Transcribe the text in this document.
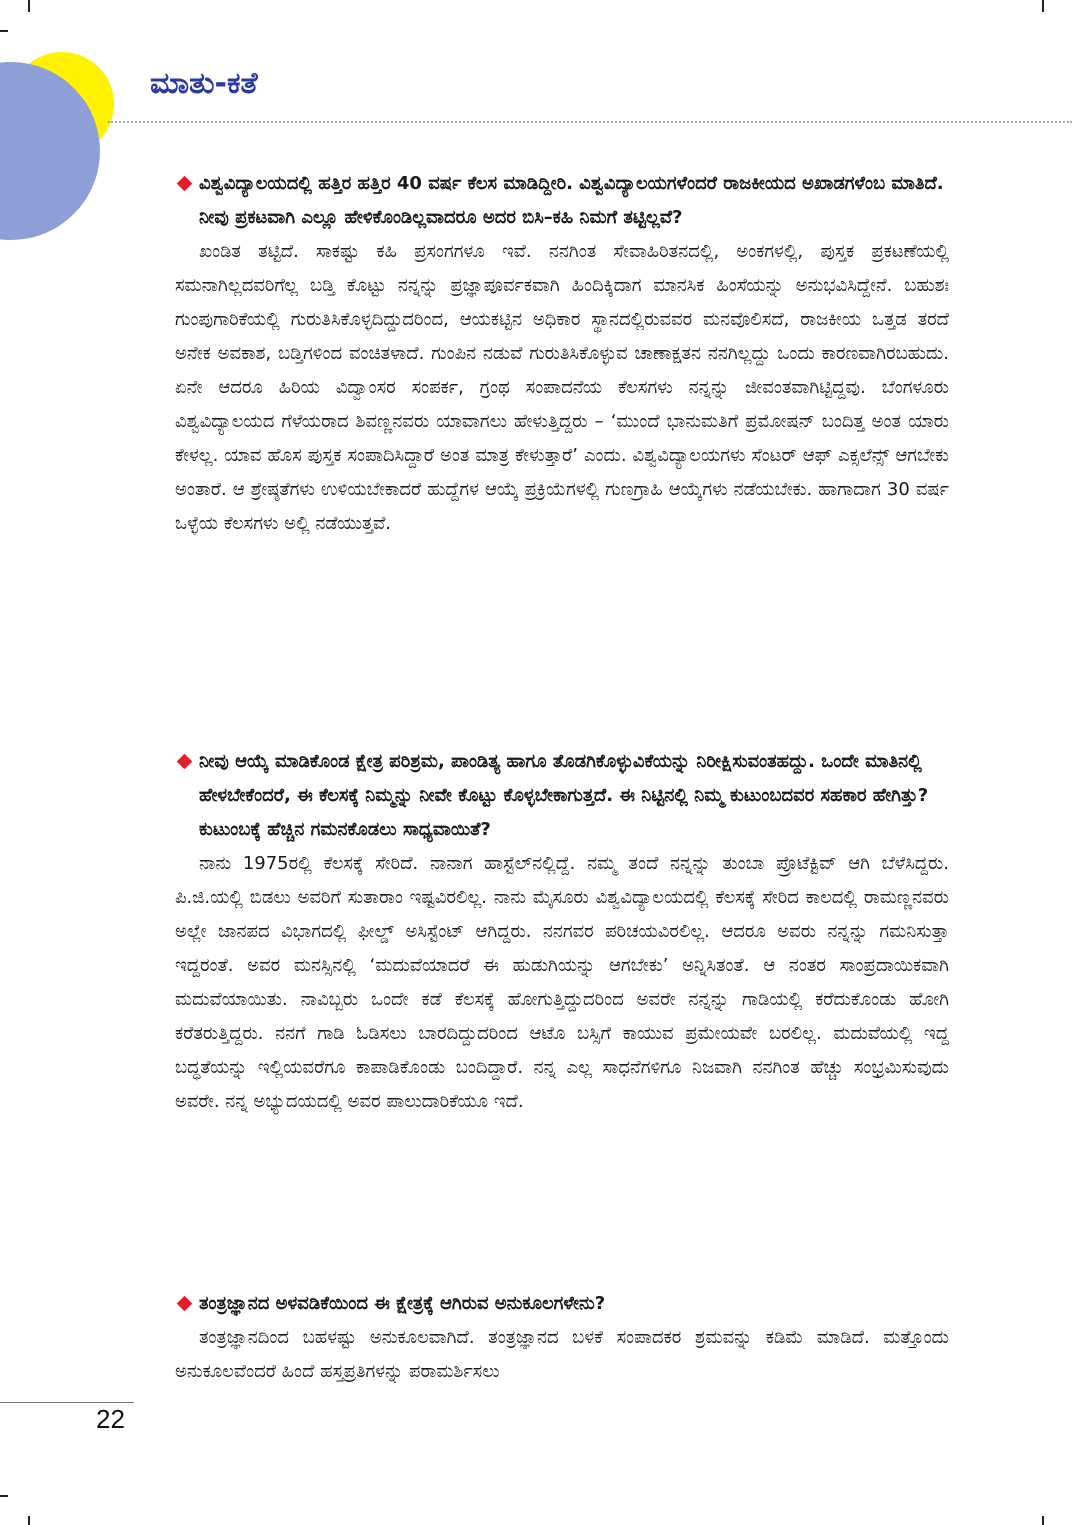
ಮಾತು-ಕತೆ

ವಿಶ್ವವಿದ್ಯಾಲಯದಲ್ಲಿ ಹತ್ತಿರ ಹತ್ತಿರ 40 ವರ್ಷ ಕೆಲಸ ಮಾಡಿದ್ದೀರಿ. ವಿಶ್ವವಿದ್ಯಾಲಯಗಳೆಂದರೆ ರಾಜಕೀಯದ ಅಖಾಡಗಳೆಂಬ ಮಾತಿದೆ. ನೀವು ಪ್ರಕಟವಾಗಿ ಎಲ್ಲೂ ಹೇಳಿಕೊಂಡಿಲ್ಲವಾದರೂ ಅದರ ಬಿಸಿ–ಕಹಿ ನಿಮಗೆ ತಟ್ಟಿಲ್ಲವೆ?

ಖಂಡಿತ ತಟ್ಟಿದೆ. ಸಾಕಷ್ಟು ಕಹಿ ಪ್ರಸಂಗಗಳೂ ಇವೆ. ನನಗಿಂತ ಸೇವಾಹಿರಿತನದಲ್ಲಿ, ಅಂಕಗಳಲ್ಲಿ, ಪುಸ್ತಕ ಪ್ರಕಟಣೆಯಲ್ಲಿ ಸಮನಾಗಿಲ್ಲದವರಿಗೆಲ್ಲ ಬಡ್ತಿ ಕೊಟ್ಟು ನನ್ನನ್ನು ಪ್ರಜ್ಞಾಪೂರ್ವಕವಾಗಿ ಹಿಂದಿಕ್ಕಿದಾಗ ಮಾನಸಿಕ ಹಿಂಸೆಯನ್ನು ಅನುಭವಿಸಿದ್ದೇನೆ. ಬಹುಶಃ ಗುಂಪುಗಾರಿಕೆಯಲ್ಲಿ ಗುರುತಿಸಿಕೊಳ್ಳದಿದ್ದುದರಿಂದ, ಆಯಕಟ್ಟಿನ ಅಧಿಕಾರ ಸ್ಥಾನದಲ್ಲಿರುವವರ ಮನವೊಲಿಸದೆ, ರಾಜಕೀಯ ಒತ್ತಡ ತರದೆ ಅನೇಕ ಅವಕಾಶ, ಬಡ್ತಿಗಳಿಂದ ವಂಚಿತಳಾದೆ. ಗುಂಪಿನ ನಡುವೆ ಗುರುತಿಸಿಕೊಳ್ಳುವ ಚಾಣಾಕ್ಷತನ ನನಗಿಲ್ಲದ್ದು ಒಂದು ಕಾರಣವಾಗಿರಬಹುದು. ಏನೇ ಆದರೂ ಹಿರಿಯ ವಿದ್ವಾಂಸರ ಸಂಪರ್ಕ, ಗ್ರಂಥ ಸಂಪಾದನೆಯ ಕೆಲಸಗಳು ನನ್ನನ್ನು ಜೀವಂತವಾಗಿಟ್ಟಿದ್ದವು. ಬೆಂಗಳೂರು ವಿಶ್ವವಿದ್ಯಾಲಯದ ಗೆಳೆಯರಾದ ಶಿವಣ್ಣನವರು ಯಾವಾಗಲು ಹೇಳುತ್ತಿದ್ದರು – ‘ಮುಂದೆ ಭಾನುಮತಿಗೆ ಪ್ರಮೋಷನ್ ಬಂದಿತ್ತ ಅಂತ ಯಾರು ಕೇಳಲ್ಲ. ಯಾವ ಹೊಸ ಪುಸ್ತಕ ಸಂಪಾದಿಸಿದ್ದಾರೆ ಅಂತ ಮಾತ್ರ ಕೇಳುತ್ತಾರೆ’ ಎಂದು. ವಿಶ್ವವಿದ್ಯಾಲಯಗಳು ಸೆಂಟರ್ ಆಫ್ ಎಕ್ಸಲೆನ್ಸ್ ಆಗಬೇಕು ಅಂತಾರೆ. ಆ ಶ್ರೇಷ್ಠತೆಗಳು ಉಳಿಯಬೇಕಾದರೆ ಹುದ್ದೆಗಳ ಆಯ್ಕೆ ಪ್ರಕ್ರಿಯೆಗಳಲ್ಲಿ ಗುಣಗ್ರಾಹಿ ಆಯ್ಕೆಗಳು ನಡೆಯಬೇಕು. ಹಾಗಾದಾಗ 30 ವರ್ಷ ಒಳ್ಳೆಯ ಕೆಲಸಗಳು ಅಲ್ಲಿ ನಡೆಯುತ್ತವೆ.

ನೀವು ಆಯ್ಕೆ ಮಾಡಿಕೊಂಡ ಕ್ಷೇತ್ರ ಪರಿಶ್ರಮ, ಪಾಂಡಿತ್ಯ ಹಾಗೂ ತೊಡಗಿಕೊಳ್ಳುವಿಕೆಯನ್ನು ನಿರೀಕ್ಷಿಸುವಂತಹದ್ದು. ಒಂದೇ ಮಾತಿನಲ್ಲಿ ಹೇಳಬೇಕೆಂದರೆ, ಈ ಕೆಲಸಕ್ಕೆ ನಿಮ್ಮನ್ನು ನೀವೇ ಕೊಟ್ಟು ಕೊಳ್ಳಬೇಕಾಗುತ್ತದೆ. ಈ ನಿಟ್ಟಿನಲ್ಲಿ ನಿಮ್ಮ ಕುಟುಂಬದವರ ಸಹಕಾರ ಹೇಗಿತ್ತು? ಕುಟುಂಬಕ್ಕೆ ಹೆಚ್ಚಿನ ಗಮನಕೊಡಲು ಸಾಧ್ಯವಾಯಿತೆ?

ನಾನು 1975ರಲ್ಲಿ ಕೆಲಸಕ್ಕೆ ಸೇರಿದೆ. ನಾನಾಗ ಹಾಸ್ಟೆಲ್‌ನಲ್ಲಿದ್ದೆ. ನಮ್ಮ ತಂದೆ ನನ್ನನ್ನು ತುಂಬಾ ಪ್ರೊಟೆಕ್ಟಿವ್ ಆಗಿ ಬೆಳೆಸಿದ್ದರು. ಪಿ.ಜಿ.ಯಲ್ಲಿ ಬಿಡಲು ಅವರಿಗೆ ಸುತಾರಾಂ ಇಷ್ಟವಿರಲಿಲ್ಲ. ನಾನು ಮೈಸೂರು ವಿಶ್ವವಿದ್ಯಾಲಯದಲ್ಲಿ ಕೆಲಸಕ್ಕೆ ಸೇರಿದ ಕಾಲದಲ್ಲಿ ರಾಮಣ್ಣನವರು ಅಲ್ಲೇ ಜಾನಪದ ವಿಭಾಗದಲ್ಲಿ ಫೀಲ್ಡ್ ಅಸಿಸ್ಟೆಂಟ್ ಆಗಿದ್ದರು. ನನಗವರ ಪರಿಚಯವಿರಲಿಲ್ಲ. ಆದರೂ ಅವರು ನನ್ನನ್ನು ಗಮನಿಸುತ್ತಾ ಇದ್ದರಂತೆ. ಅವರ ಮನಸ್ಸಿನಲ್ಲಿ ‘ಮದುವೆಯಾದರೆ ಈ ಹುಡುಗಿಯನ್ನು ಆಗಬೇಕು’ ಅನ್ನಿಸಿತಂತೆ. ಆ ನಂತರ ಸಾಂಪ್ರದಾಯಿಕವಾಗಿ ಮದುವೆಯಾಯಿತು. ನಾವಿಬ್ಬರು ಒಂದೇ ಕಡೆ ಕೆಲಸಕ್ಕೆ ಹೋಗುತ್ತಿದ್ದುದರಿಂದ ಅವರೇ ನನ್ನನ್ನು ಗಾಡಿಯಲ್ಲಿ ಕರೆದುಕೊಂಡು ಹೋಗಿ ಕರೆತರುತ್ತಿದ್ದರು. ನನಗೆ ಗಾಡಿ ಓಡಿಸಲು ಬಾರದಿದ್ದುದರಿಂದ ಆಟೊ ಬಸ್ಸಿಗೆ ಕಾಯುವ ಪ್ರಮೇಯವೇ ಬರಲಿಲ್ಲ. ಮದುವೆಯಲ್ಲಿ ಇದ್ದ ಬದ್ಧತೆಯನ್ನು ಇಲ್ಲಿಯವರೆಗೂ ಕಾಪಾಡಿಕೊಂಡು ಬಂದಿದ್ದಾರೆ. ನನ್ನ ಎಲ್ಲ ಸಾಧನೆಗಳಿಗೂ ನಿಜವಾಗಿ ನನಗಿಂತ ಹೆಚ್ಚು ಸಂಭ್ರಮಿಸುವುದು ಅವರೇ. ನನ್ನ ಅಭ್ಯುದಯದಲ್ಲಿ ಅವರ ಪಾಲುದಾರಿಕೆಯೂ ಇದೆ.

ತಂತ್ರಜ್ಞಾನದ ಅಳವಡಿಕೆಯಿಂದ ಈ ಕ್ಷೇತ್ರಕ್ಕೆ ಆಗಿರುವ ಅನುಕೂಲಗಳೇನು?

ತಂತ್ರಜ್ಞಾನದಿಂದ ಬಹಳಷ್ಟು ಅನುಕೂಲವಾಗಿದೆ. ತಂತ್ರಜ್ಞಾನದ ಬಳಕೆ ಸಂಪಾದಕರ ಶ್ರಮವನ್ನು ಕಡಿಮೆ ಮಾಡಿದೆ. ಮತ್ತೊಂದು ಅನುಕೂಲವೆಂದರೆ ಹಿಂದೆ ಹಸ್ತಪ್ರತಿಗಳನ್ನು ಪರಾಮರ್ಶಿಸಲು

22
